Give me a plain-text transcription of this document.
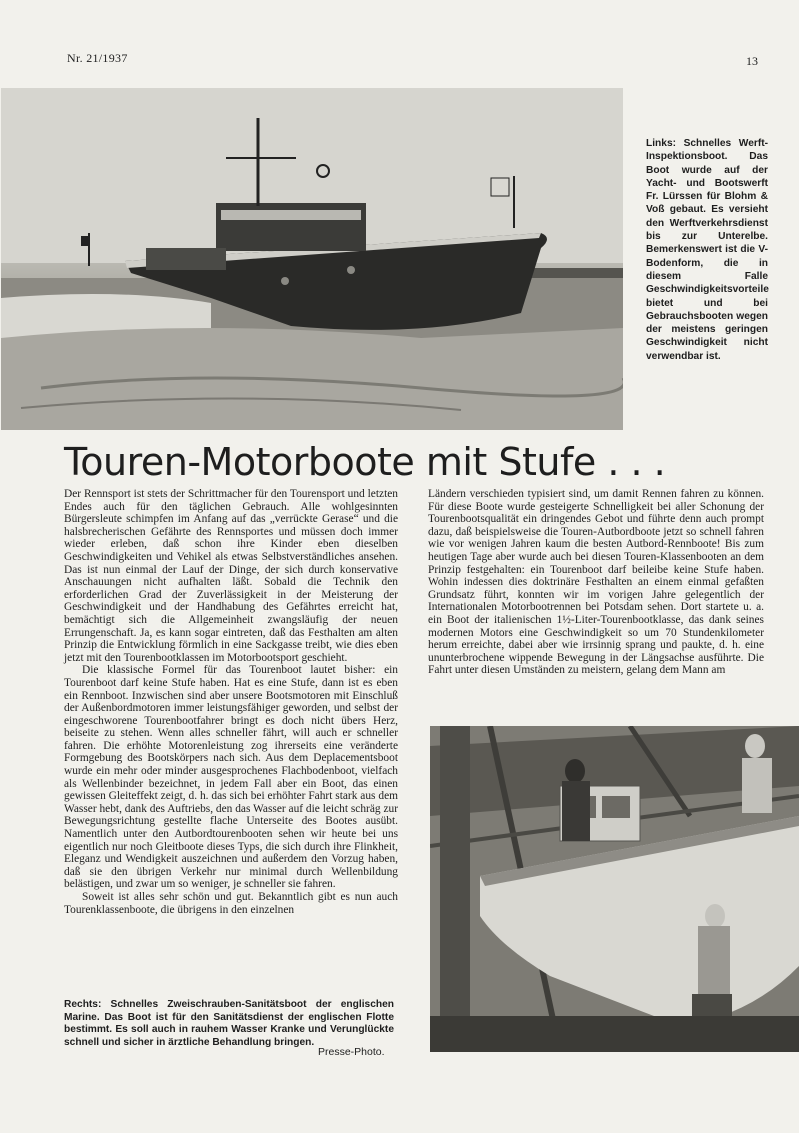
Nr. 21/1937	13
Links: Schnelles Werft-Inspektionsboot. Das Boot wurde auf der Yacht- und Bootswerft Fr. Lürssen für Blohm & Voß gebaut. Es versieht den Werftverkehrsdienst bis zur Unterelbe. Bemerkenswert ist die V-Bodenform, die in diesem Falle Geschwindigkeitsvorteile bietet und bei Gebrauchsbooten wegen der meistens geringen Geschwindigkeit nicht verwendbar ist.
Touren-Motorboote mit Stufe . . .

Der Rennsport ist stets der Schrittmacher für den Tourensport und letzten Endes auch für den täglichen Gebrauch. Alle wohlgesinnten Bürgersleute schimpfen im Anfang auf das „verrückte Gerase“ und die halsbrecherischen Gefährte des Rennsportes und müssen doch immer wieder erleben, daß schon ihre Kinder eben dieselben Geschwindigkeiten und Vehikel als etwas Selbstverständliches ansehen. Das ist nun einmal der Lauf der Dinge, der sich durch konservative Anschauungen nicht aufhalten läßt. Sobald die Technik den erforderlichen Grad der Zuverlässigkeit in der Meisterung der Geschwindigkeit und der Handhabung des Gefährtes erreicht hat, bemächtigt sich die Allgemeinheit zwangsläufig der neuen Errungenschaft. Ja, es kann sogar eintreten, daß das Festhalten am alten Prinzip die Entwicklung förmlich in eine Sackgasse treibt, wie dies eben jetzt mit den Tourenbootklassen im Motorbootsport geschieht.

Die klassische Formel für das Tourenboot lautet bisher: ein Tourenboot darf keine Stufe haben. Hat es eine Stufe, dann ist es eben ein Rennboot. Inzwischen sind aber unsere Bootsmotoren mit Einschluß der Außenbordmotoren immer leistungsfähiger geworden, und selbst der eingeschworene Tourenbootfahrer bringt es doch nicht übers Herz, beiseite zu stehen. Wenn alles schneller fährt, will auch er schneller fahren. Die erhöhte Motorenleistung zog ihrerseits eine veränderte Formgebung des Bootskörpers nach sich. Aus dem Deplacementsboot wurde ein mehr oder minder ausgesprochenes Flachbodenboot, vielfach als Wellenbinder bezeichnet, in jedem Fall aber ein Boot, das einen gewissen Gleiteffekt zeigt, d. h. das sich bei erhöhter Fahrt stark aus dem Wasser hebt, dank des Auftriebs, den das Wasser auf die leicht schräg zur Bewegungsrichtung gestellte flache Unterseite des Bootes ausübt. Namentlich unter den Autbordtourenbooten sehen wir heute bei uns eigentlich nur noch Gleitboote dieses Typs, die sich durch ihre Flinkheit, Eleganz und Wendigkeit auszeichnen und außerdem den Vorzug haben, daß sie den übrigen Verkehr nur minimal durch Wellenbildung belästigen, und zwar um so weniger, je schneller sie fahren.

Soweit ist alles sehr schön und gut. Bekanntlich gibt es nun auch Tourenklassenboote, die übrigens in den einzelnen

Ländern verschieden typisiert sind, um damit Rennen fahren zu können. Für diese Boote wurde gesteigerte Schnelligkeit bei aller Schonung der Tourenbootsqualität ein dringendes Gebot und führte denn auch prompt dazu, daß beispielsweise die Touren-Autbordboote jetzt so schnell fahren wie vor wenigen Jahren kaum die besten Autbord-Rennboote! Bis zum heutigen Tage aber wurde auch bei diesen Touren-Klassenbooten an dem Prinzip festgehalten: ein Tourenboot darf beileibe keine Stufe haben. Wohin indessen dies doktrinäre Festhalten an einem einmal gefaßten Grundsatz führt, konnten wir im vorigen Jahre gelegentlich der Internationalen Motorbootrennen bei Potsdam sehen. Dort startete u. a. ein Boot der italienischen 1½-Liter-Tourenbootklasse, das dank seines modernen Motors eine Geschwindigkeit so um 70 Stundenkilometer herum erreichte, dabei aber wie irrsinnig sprang und paukte, d. h. eine ununterbrochene wippende Bewegung in der Längsachse ausführte. Die Fahrt unter diesen Umständen zu meistern, gelang dem Mann am

Rechts: Schnelles Zweischrauben-Sanitätsboot der englischen Marine. Das Boot ist für den Sanitätsdienst der englischen Flotte bestimmt. Es soll auch in rauhem Wasser Kranke und Verunglückte schnell und sicher in ärztliche Behandlung bringen.
Presse-Photo.
